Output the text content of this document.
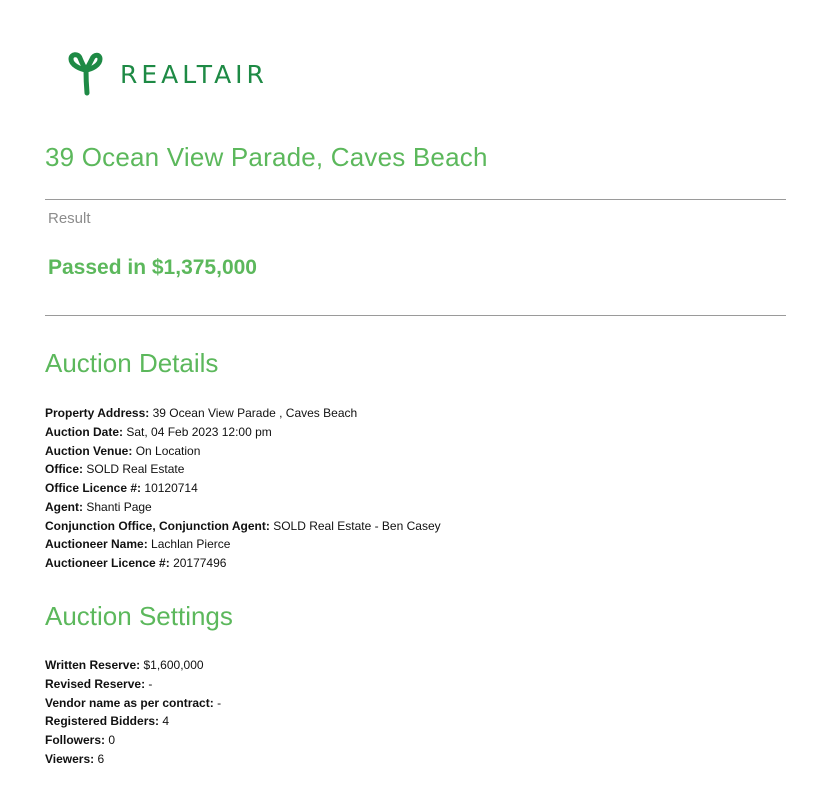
REALTAIR
39 Ocean View Parade, Caves Beach
Result
Passed in $1,375,000
Auction Details
Property Address: 39 Ocean View Parade , Caves Beach
Auction Date: Sat, 04 Feb 2023 12:00 pm
Auction Venue: On Location
Office: SOLD Real Estate
Office Licence #: 10120714
Agent: Shanti Page
Conjunction Office, Conjunction Agent: SOLD Real Estate - Ben Casey
Auctioneer Name: Lachlan Pierce
Auctioneer Licence #: 20177496
Auction Settings
Written Reserve: $1,600,000
Revised Reserve: -
Vendor name as per contract: -
Registered Bidders: 4
Followers: 0
Viewers: 6
